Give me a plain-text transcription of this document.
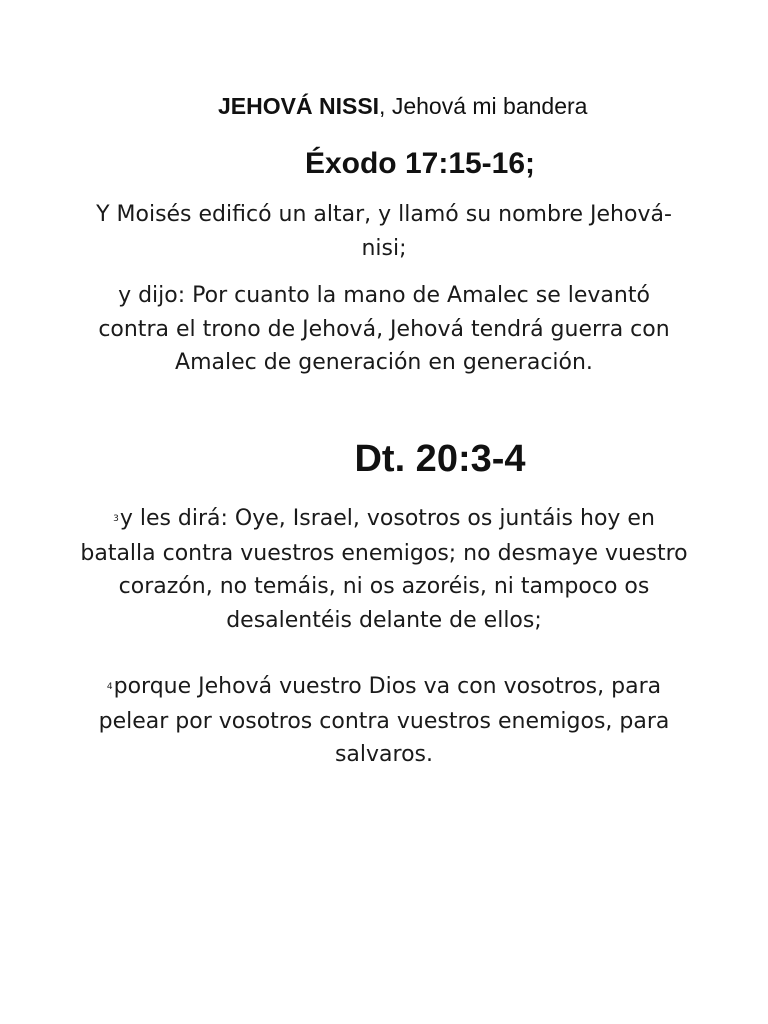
JEHOVÁ NISSI, Jehová mi bandera
Éxodo 17:15-16;
Y Moisés edificó un altar, y llamó su nombre Jehová- nisi;
y dijo: Por cuanto la mano de Amalec se levantó contra el trono de Jehová, Jehová tendrá guerra con Amalec de generación en generación.
Dt. 20:3-4
3y les dirá: Oye, Israel, vosotros os juntáis hoy en batalla contra vuestros enemigos; no desmaye vuestro corazón, no temáis, ni os azoréis, ni tampoco os desalentéis delante de ellos;
4porque Jehová vuestro Dios va con vosotros, para pelear por vosotros contra vuestros enemigos, para salvaros.
